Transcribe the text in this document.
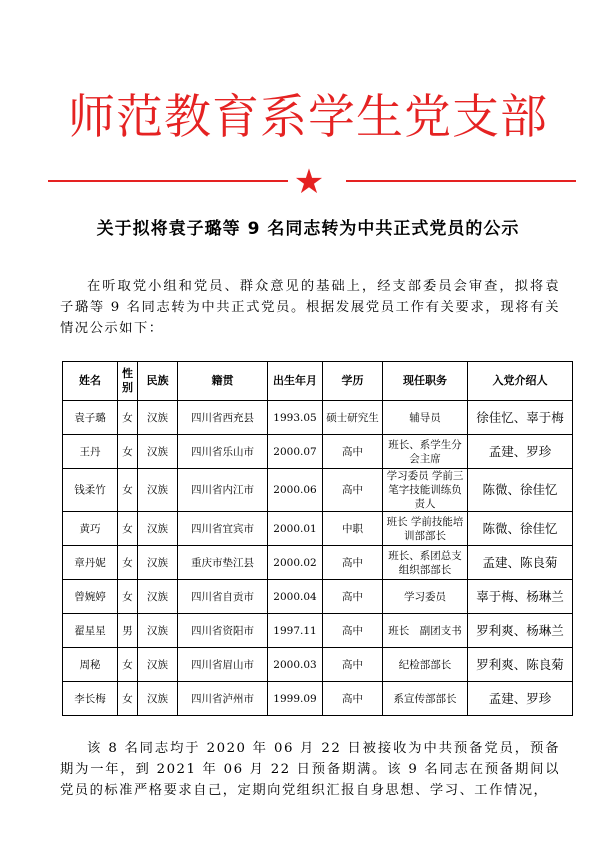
师范教育系学生党支部
★
关于拟将袁子璐等 9 名同志转为中共正式党员的公示
在听取党小组和党员、群众意见的基础上，经支部委员会审查，拟将袁子璐等 9 名同志转为中共正式党员。根据发展党员工作有关要求，现将有关情况公示如下：
姓名	性别	民族	籍贯	出生年月	学历	现任职务	入党介绍人
袁子璐	女	汉族	四川省西充县	1993.05	硕士研究生	辅导员	徐佳忆、辜于梅
王丹	女	汉族	四川省乐山市	2000.07	高中	班长、系学生分会主席	孟建、罗珍
钱柔竹	女	汉族	四川省内江市	2000.06	高中	学习委员 学前三笔字技能训练负责人	陈微、徐佳忆
黄巧	女	汉族	四川省宜宾市	2000.01	中职	班长 学前技能培训部部长	陈微、徐佳忆
章丹妮	女	汉族	重庆市垫江县	2000.02	高中	班长、系团总支组织部部长	孟建、陈良菊
曾婉婷	女	汉族	四川省自贡市	2000.04	高中	学习委员	辜于梅、杨琳兰
翟星星	男	汉族	四川省资阳市	1997.11	高中	班长　副团支书	罗利爽、杨琳兰
周秘	女	汉族	四川省眉山市	2000.03	高中	纪检部部长	罗利爽、陈良菊
李长梅	女	汉族	四川省泸州市	1999.09	高中	系宣传部部长	孟建、罗珍
该 8 名同志均于 2020 年 06 月 22 日被接收为中共预备党员，预备期为一年，到 2021 年 06 月 22 日预备期满。该 9 名同志在预备期间以党员的标准严格要求自己，定期向党组织汇报自身思想、学习、工作情况，
